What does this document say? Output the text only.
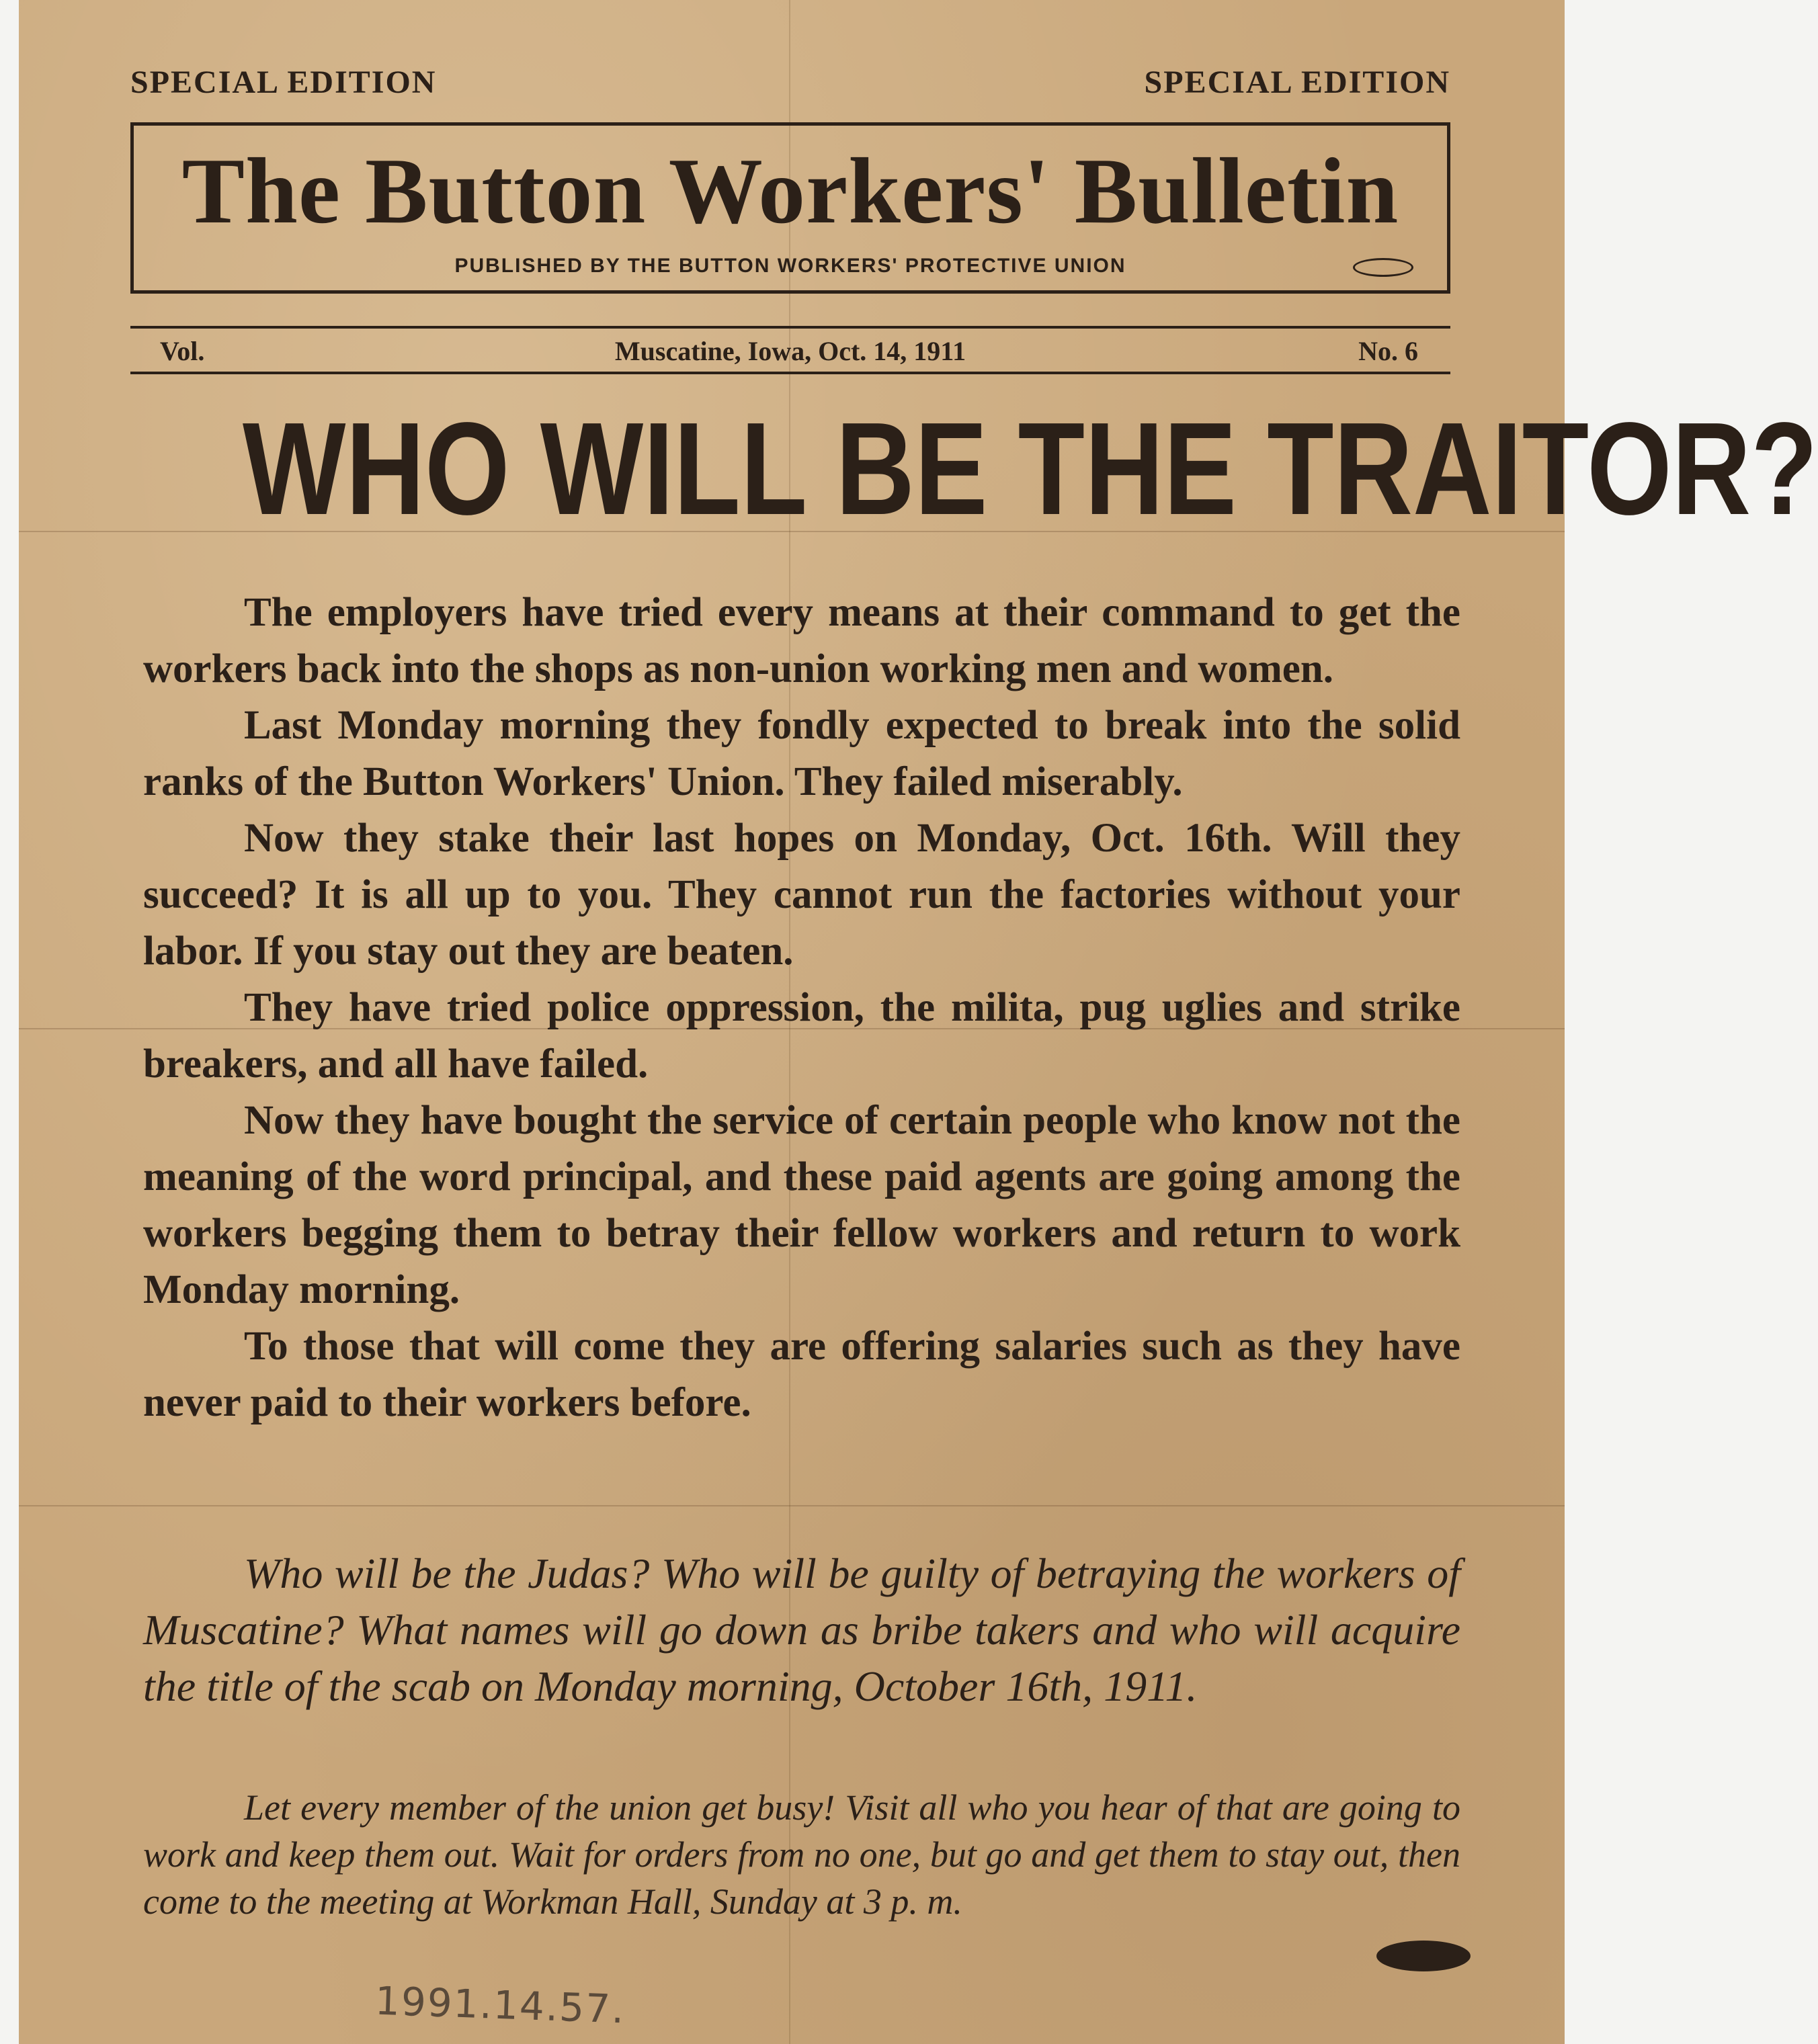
SPECIAL EDITION	SPECIAL EDITION
The Button Workers' Bulletin
PUBLISHED BY THE BUTTON WORKERS' PROTECTIVE UNION
Vol.	Muscatine, Iowa, Oct. 14, 1911	No. 6
WHO WILL BE THE TRAITOR?

The employers have tried every means at their command to get the workers back into the shops as non-union working men and women.

Last Monday morning they fondly expected to break into the solid ranks of the Button Workers' Union. They failed miserably.

Now they stake their last hopes on Monday, Oct. 16th. Will they succeed? It is all up to you. They cannot run the factories without your labor. If you stay out they are beaten.

They have tried police oppression, the milita, pug uglies and strike breakers, and all have failed.

Now they have bought the service of certain people who know not the meaning of the word principal, and these paid agents are going among the workers begging them to betray their fellow workers and return to work Monday morning.

To those that will come they are offering salaries such as they have never paid to their workers before.

Who will be the Judas? Who will be guilty of betraying the workers of Muscatine? What names will go down as bribe takers and who will acquire the title of the scab on Monday morning, October 16th, 1911.

Let every member of the union get busy! Visit all who you hear of that are going to work and keep them out. Wait for orders from no one, but go and get them to stay out, then come to the meeting at Workman Hall, Sunday at 3 p. m.

1991.14.57.
